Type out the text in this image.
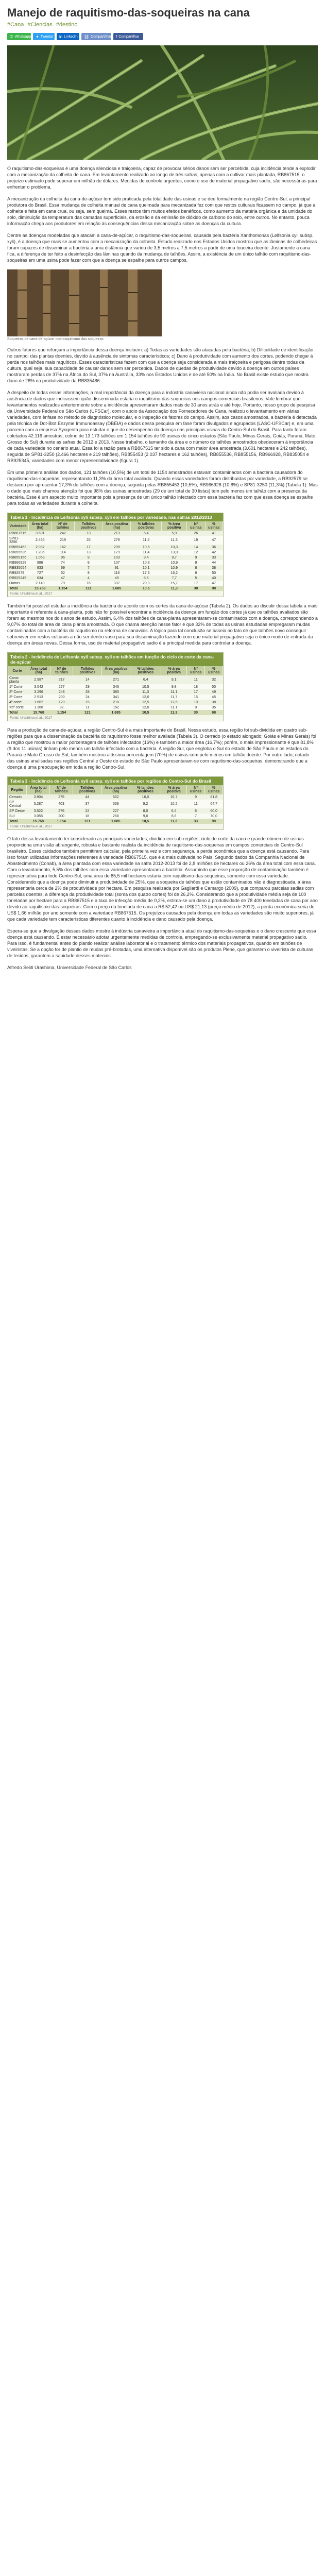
Manejo de raquitismo-das-soqueiras na cana
#Cana #Ciencias #destino
✆ Whatsapp ✦ Tweetar in LinkedIn ⛓ Compartilhar f Compartilhar

O raquitismo-das-soqueiras é uma doença silenciosa e traiçoeira, capaz de provocar sérios danos sem ser percebida, cuja incidência tende a explodir com a mecanização da colheita de cana. Em levantamento realizado ao longo de três safras, apenas com a cultivar mais plantada, RB867515, o prejuízo estimado pode superar um milhão de dólares. Medidas de controle urgentes, como o uso de material propagativo sadio, são necessárias para enfrentar o problema.

A mecanização da colheita da cana-de-açúcar tem sido praticada pela totalidade das usinas e se deu formalmente na região Centro-Sul, a principal produtora do Brasil. Essa mudança de colheita manual de cana queimada para mecanizada fez com que restos culturais ficassem no campo, já que a colheita é feita em cana crua, ou seja, sem queima. Esses restos têm muitos efeitos benéficos, como aumento da matéria orgânica e da umidade do solo, diminuição da temperatura das camadas superficiais, da erosão e da emissão de dióxido de carbono do solo, entre outros. No entanto, pouca informação chega aos produtores em relação às consequências dessa mecanização sobre as doenças da cultura.

Dentre as doenças modeladas que atacam a cana-de-açúcar, o raquitismo-das-soqueiras, causada pela bactéria Xanthomonas (Leifsonia xyli subsp. xyli), é a doença que mais se aumentou com a mecanização da colheita. Estudo realizado nos Estados Unidos mostrou que as lâminas de colhedeiras foram capazes de disseminar a bactéria a uma distância que variou de 3,5 metros a 7,5 metros a partir de uma touceira doente. Justamente a cana fica, a diferença de ter feito a desinfecção das lâminas quando da mudança de talhões. Assim, a existência de um único talhão com raquitismo-das-soqueiras em uma usina pode fazer com que a doença se espalhe para outros campos.

Soqueiras de cana-de-açúcar com raquitismo das soqueiras

Outros fatores que reforçam a importância dessa doença incluem: a) Todas as variedades são atacadas pela bactéria; b) Dificuldade de identificação no campo: das plantas doentes, devido à ausência de sintomas característicos; c) Dano à produtividade com aumento dos cortes, podendo chegar à perda nos talhões mais raquíticos. Esses características fazem com que a doença seja considerada a mais traiçoeira e perigosa dentre todas da cultura, qual seja, sua capacidade de causar danos sem ser percebida. Dados de quedas de produtividade devido à doença em outros países mostraram perdas de 37% na África do Sul, 37% na Austrália, 33% nos Estados Unidos e de até 50% na Índia. No Brasil existe estudo que mostra dano de 26% na produtividade da RB835486.

A despeito de todas essas informações, a real importância da doença para a indústria canavieira nacional ainda não podia ser avaliada devido à ausência de dados que indicassem quão disseminada estaria o raquitismo-das-soqueiras nos campos comerciais brasileiros. Vale lembrar que levantamentos realizados anteriormente sobre a incidência apresentaram dados mais de 30 anos atrás e até hoje. Portanto, nosso grupo de pesquisa da Universidade Federal de São Carlos (UFSCar), com o apoio da Associação dos Fornecedores de Cana, realizou o levantamento em várias variedades, com ênfase no método de diagnóstico molecular, e o inspeção de fatores do campo. Assim, aos casos amostrados, a bactéria é detectada pela técnica de Dot-Blot Enzyme Immunoassay (DBEIA) e dados dessa pesquisa em fase foram divulgados e agrupados (LASC-UFSCar) e, em uma parceria com a empresa Syngenta para estudar o que do desempenho da doença nas principais usinas do Centro-Sul do Brasil. Para tanto foram coletados 42.116 amostras, colmo de 13.173 talhões em 1.154 talhões de 90 usinas de cinco estados (São Paulo, Minas Gerais, Goiás, Paraná, Mato Grosso do Sul) durante as safras de 2012 e 2013. Nesse trabalho, o tamanho da área e o número de talhões amostrados obedeceram à importância de cada variedade no cenário atual. Essa foi a razão para a RB867515 ter sido a cana com maior área amostrada (3.601 hectares e 242 talhões), seguida de SP81-3250 (2.466 hectares e 219 talhões), RB855453 (2.037 hectares e 162 talhões), RB855536, RB855156, RB966928, RB835054 e RB925345, variedades com menor representatividade (figura 1).

Em uma primeira análise dos dados, 121 talhões (10,5%) de um total de 1154 amostrados estavam contaminados com a bactéria causadora do raquitismo-das-soqueiras, representando 11,3% da área total avaliada. Quando essas variedades foram distribuídas por variedade, a RB92579 se destacou por apresentar 17,3% de talhões com a doença, seguida pelas RB855453 (10,5%), RB966928 (10,8%) e SP81-3250 (11,3%) (Tabela 1). Mas o dado que mais chamou atenção foi que 98% das usinas amostradas (29 de um total de 30 listas) tem pelo menos um talhão com a presença da bactéria. Esse é um aspecto muito importante pois a presença de um único talhão infectado com essa bactéria faz com que essa doença se espalhe para todas as variedades durante a colheita.

Tabela 1 - Incidência de Leifsonia xyli subsp. xyli em talhões por variedade, nas safras 2012/2013
Variedade	Área total (ha)	Nº de talhões	Talhões positivos	Área positiva (ha)	% talhões positivos	% área positiva	Nº usinas	% usinas
RB867515	3.601	242	13	213	5,4	5,9	26	41
SP81-3250	2.466	219	25	279	11,4	11,3	19	47
RB855453	2.037	162	17	209	10,5	10,3	14	36
RB855536	1.286	114	13	179	11,4	13,9	12	42
RB855156	1.058	96	9	103	9,4	9,7	9	33
RB966928	986	74	8	107	10,8	10,9	9	44
RB835054	833	69	7	91	10,1	10,9	8	38
RB92579	727	52	9	118	17,3	16,2	6	50
RB925345	634	47	4	49	8,5	7,7	5	40
Outras	2.140	79	16	337	20,3	15,7	17	47
Total	15.768	1.154	121	1.685	10,5	11,3	30	98
Fonte: Urashima et al., 2017

Também foi possível estudar a incidência da bactéria de acordo com os cortes da cana-de-açúcar (Tabela 2). Os dados ao discutir dessa tabela a mais importante é referente à cana-planta, pois não foi possível encontrar a incidência da doença em função dos cortes já que os talhões avaliados são foram ao mesmos nos dois anos de estudo. Assim, 6,4% dos talhões de cana-planta apresentaram-se contaminados com a doença, correspondendo a 9,07% do total de área de cana planta amostrada. O que chama atenção nesse fator é que 32% de todas as usinas estudadas empregaram mudas contaminadas com a bactéria do raquitismo na reforma de canaviais. A lógica para tal conclusão se baseia no fato de que talhões novo conseguir sobreviver em restos culturais a não ser dentro vaso para sua disseminação fazendo com que material propagativo seja o único modo de entrada da doença em áreas novas. Dessa forma, uso de material propagativo sadio é a principal medida para controlar a doença.

Tabela 2 - Incidência de Leifsonia xyli subsp. xyli em talhões em função do ciclo de corte da cana-de-açúcar
Corte	Área total (ha)	Nº de talhões	Talhões positivos	Área positiva (ha)	% talhões positivos	% área positiva	Nº usinas	% usinas
Cana-planta	2.987	217	14	271	6,4	9,1	11	32
1º Corte	3.542	277	29	346	10,5	9,8	18	50
2º Corte	3.296	248	28	365	11,3	11,1	17	49
3º Corte	2.913	200	24	341	12,0	11,7	15	45
4º corte	1.662	120	15	210	12,5	12,6	10	38
>5º corte	1.368	92	11	152	12,0	11,1	9	35
Total	15.768	1.154	121	1.685	10,5	11,3	30	98
Fonte: Urashima et al., 2017

Para a produção de cana-de-açúcar, a região Centro-Sul é a mais importante do Brasil. Nessa estudo, essa região foi sub-dividida em quatro sub-regiões para que a disseminação da bactéria do raquitismo fosse melhor avaliada (Tabela 3). O cerrado (o estado alongado; Goiás e Minas Gerais) foi a região que mostrou a maior porcentagem de talhões infectados (16%) e também a maior área (16,7%); porém, o mais impressionante é que 81,8% (9 dos 11 usinas) tinham pelo menos um talhão infectado com a bactéria. A região Sul, que engloba o Sul do estado de São Paulo e os estados do Paraná e Mato Grosso do Sul, também mostrou altíssima porcentagem (70%) de usinas com pelo menos um talhão doente. Por outro lado, notado das usinas analisadas nas regiões Central e Oeste do estado de São Paulo apresentaram-se com raquitismo-das-soqueiras, demonstrando que a doença é uma preocupação em toda a região Centro-Sul.

Tabela 3 - Incidência de Leifsonia xyli subsp. xyli em talhões por regiões do Centro-Sul do Brasil
Região	Área total (ha)	Nº de talhões	Talhões positivos	Área positiva (ha)	% talhões positivos	% área positiva	Nº usinas	% usinas
Cerrado	3.904	275	44	652	16,0	16,7	9	81,8
SP Central	5.287	403	37	538	9,2	10,2	11	64,7
SP Oeste	3.522	276	22	227	8,0	6,4	6	60,0
Sul	3.055	200	18	268	9,0	8,8	7	70,0
Total	15.768	1.154	121	1.685	10,5	11,3	33	98
Fonte: Urashima et al., 2017

O fato dessa levantamento ter considerado as principais variedades, dividido em sub-regiões, ciclo de corte da cana e grande número de usinas proporciona uma visão abrangente, robusta e bastante realista da incidência de raquitismo-das-soqueiras em campos comerciais do Centro-Sul brasileiro. Esses cuidados também permitiram calcular, pela primeira vez e com segurança, a perda econômica que a doença está causando. Para isso foram utilizadas informações referentes à variedade RB867515, que é a mais cultivada no País. Segundo dados da Companhia Nacional de Abastecimento (Conab), a área plantada com essa variedade na safra 2012-2013 foi de 2,8 milhões de hectares ou 26% da área total com essa cana. Com o levantamento, 5,5% dos talhões com essa variedade apresentaram a bactéria. Assumindo que esse proporção de contaminação também é representativa para todo Centro-Sul, uma área de 85,5 mil hectares estaria com raquitismo-das-soqueiras, somente com essa variedade. Considerando que a doença pode diminuir a produtividade de 25%, que a soqueira de talhões que estão contaminados não é diagnosticada, a área representaria cerca de 2% de produtividade por hectare. Em pesquisa realizada por Gagliardi e Camargo (2009), que comparou parcelas sadias com parcelas doentes, a diferença da produtividade total (soma dos quatro cortes) foi de 26,2%. Considerando que a produtividade média seja de 100 toneladas por hectare para a RB867515 e a taxa de infecção média de 0,2%, estima-se um dano à produtividade de 78.400 toneladas de cana por ano devido ao raquitismo-das-soqueiras. Com o preço da tonelada de cana a R$ 52,42 ou US$ 21,13 (preço médio de 2012), a perda econômica seria de US$ 1,66 milhão por ano somente com a variedade RB867515. Os prejuízos causados pela doença em todas as variedades são muito superiores, já que cada variedade tem características diferentes quanto à incidência e dano causado pela doença.

Espera-se que a divulgação desses dados mostre à indústria canavieira a importância atual do raquitismo-das-soqueiras e o dano crescente que essa doença está causando. É estar necessário adotar urgentemente medidas de controle, empregando-se exclusivamente material propagativo sadio. Para isso, é fundamental antes do plantio realizar análise laboratorial e o tratamento térmico dos materiais propagativos, quando em talhões de viveiristas. Se a opção for de plantio de mudas pré-brotadas, uma alternativa disponível são os produtos Plene, que garantem o viveirista de culturas de tecidos, garantem a sanidade desses materiais.

Alfredo Seiiti Urashima, Universidade Federal de São Carlos
